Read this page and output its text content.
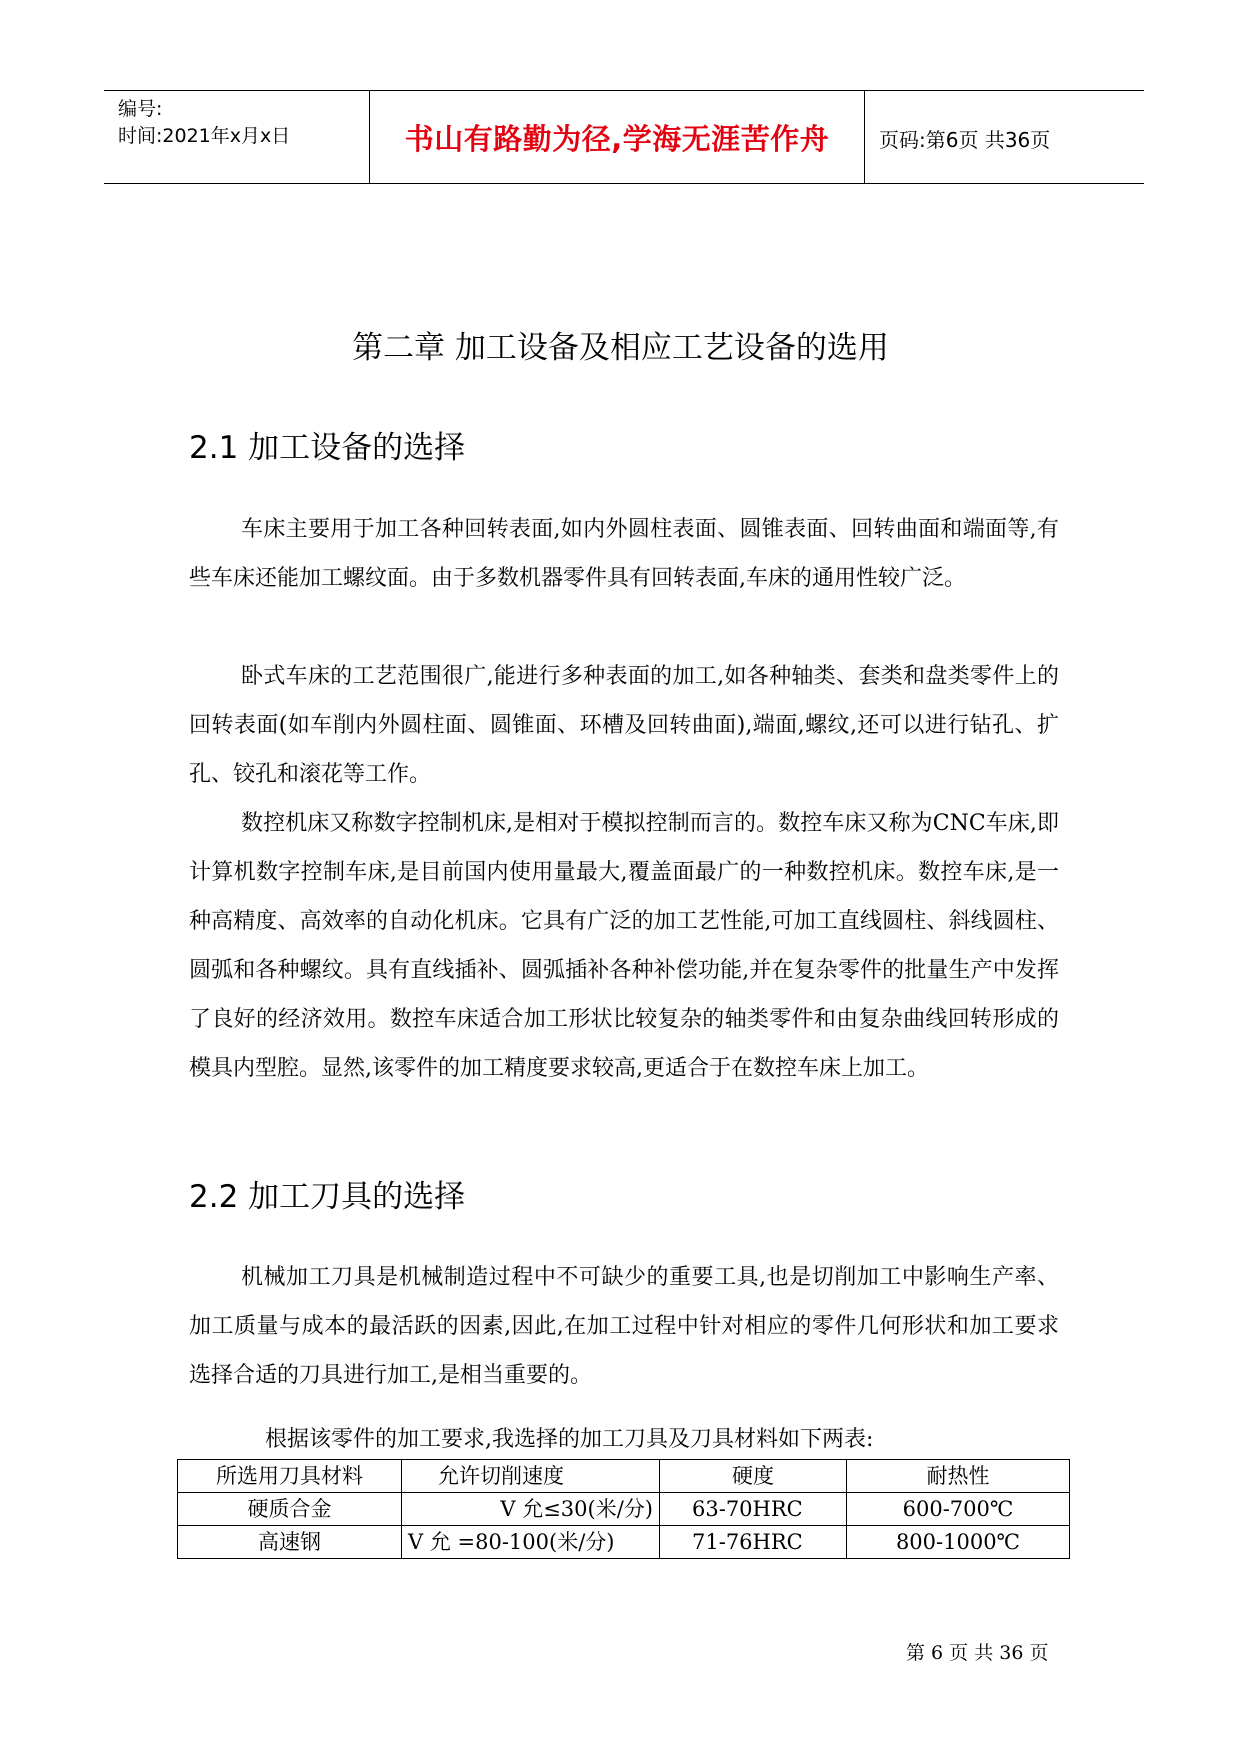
编号:
时间:2021年x月x日	书山有路勤为径,学海无涯苦作舟	页码:第6页 共36页
第二章 加工设备及相应工艺设备的选用
2.1 加工设备的选择

车床主要用于加工各种回转表面,如内外圆柱表面、圆锥表面、回转曲面和端面等,有些车床还能加工螺纹面。由于多数机器零件具有回转表面,车床的通用性较广泛。

卧式车床的工艺范围很广,能进行多种表面的加工,如各种轴类、套类和盘类零件上的回转表面(如车削内外圆柱面、圆锥面、环槽及回转曲面),端面,螺纹,还可以进行钻孔、扩孔、铰孔和滚花等工作。

数控机床又称数字控制机床,是相对于模拟控制而言的。数控车床又称为CNC车床,即计算机数字控制车床,是目前国内使用量最大,覆盖面最广的一种数控机床。数控车床,是一种高精度、高效率的自动化机床。它具有广泛的加工艺性能,可加工直线圆柱、斜线圆柱、圆弧和各种螺纹。具有直线插补、圆弧插补各种补偿功能,并在复杂零件的批量生产中发挥了良好的经济效用。数控车床适合加工形状比较复杂的轴类零件和由复杂曲线回转形成的模具内型腔。显然,该零件的加工精度要求较高,更适合于在数控车床上加工。

2.2 加工刀具的选择

机械加工刀具是机械制造过程中不可缺少的重要工具,也是切削加工中影响生产率、加工质量与成本的最活跃的因素,因此,在加工过程中针对相应的零件几何形状和加工要求选择合适的刀具进行加工,是相当重要的。

根据该零件的加工要求,我选择的加工刀具及刀具材料如下两表:
所选用刀具材料	允许切削速度	硬度	耐热性
硬质合金	V 允≤30(米/分)	63-70HRC	600-700℃
高速钢	V 允 =80-100(米/分)	71-76HRC	800-1000℃
第 6 页 共 36 页
